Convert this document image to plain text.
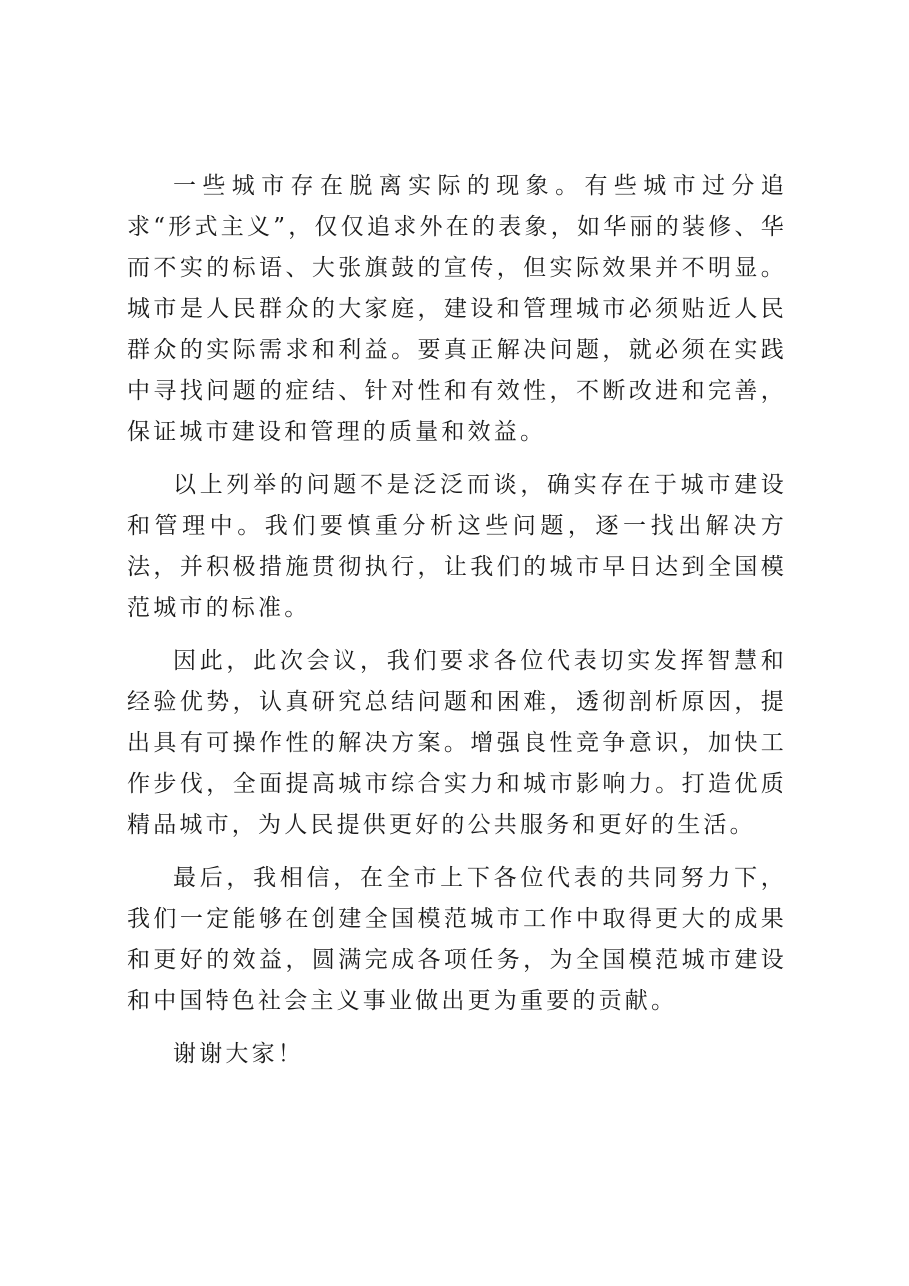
一些城市存在脱离实际的现象。有些城市过分追求“形式主义”，仅仅追求外在的表象，如华丽的装修、华而不实的标语、大张旗鼓的宣传，但实际效果并不明显。城市是人民群众的大家庭，建设和管理城市必须贴近人民群众的实际需求和利益。要真正解决问题，就必须在实践中寻找问题的症结、针对性和有效性，不断改进和完善，保证城市建设和管理的质量和效益。

以上列举的问题不是泛泛而谈，确实存在于城市建设和管理中。我们要慎重分析这些问题，逐一找出解决方法，并积极措施贯彻执行，让我们的城市早日达到全国模范城市的标准。

因此，此次会议，我们要求各位代表切实发挥智慧和经验优势，认真研究总结问题和困难，透彻剖析原因，提出具有可操作性的解决方案。增强良性竞争意识，加快工作步伐，全面提高城市综合实力和城市影响力。打造优质精品城市，为人民提供更好的公共服务和更好的生活。

最后，我相信，在全市上下各位代表的共同努力下，我们一定能够在创建全国模范城市工作中取得更大的成果和更好的效益，圆满完成各项任务，为全国模范城市建设和中国特色社会主义事业做出更为重要的贡献。

谢谢大家！
